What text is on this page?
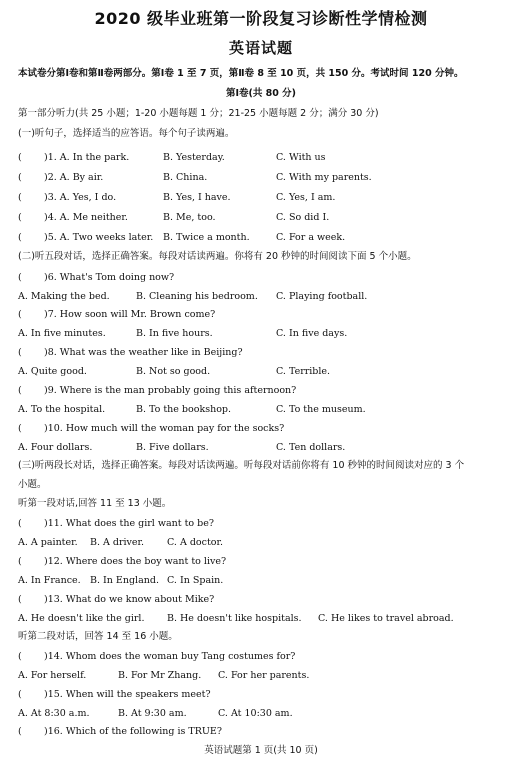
2020 级毕业班第一阶段复习诊断性学情检测
英语试题
本试卷分第Ⅰ卷和第Ⅱ卷两部分。第Ⅰ卷 1 至 7 页，第Ⅱ卷 8 至 10 页，共 150 分。考试时间 120 分钟。
第Ⅰ卷(共 80 分)
第一部分听力(共 25 小题；1-20 小题每题 1 分；21-25 小题每题 2 分；满分 30 分)
(一)听句子，选择适当的应答语。每个句子读两遍。
( )1. A. In the park.	B. Yesterday.	C. With us
( )2. A. By air.	B. China.	C. With my parents.
( )3. A. Yes, I do.	B. Yes, I have.	C. Yes, I am.
( )4. A. Me neither.	B. Me, too.	C. So did I.
( )5. A. Two weeks later. B. Twice a month.	C. For a week.
(二)听五段对话，选择正确答案。每段对话读两遍。你将有 20 秒钟的时间阅读下面 5 个小题。
( )6. What's Tom doing now?
A. Making the bed.	B. Cleaning his bedroom. C. Playing football.
( )7. How soon will Mr. Brown come?
A. In five minutes.	B. In five hours.	C. In five days.
( )8. What was the weather like in Beijing?
A. Quite good.	B. Not so good.	C. Terrible.
( )9. Where is the man probably going this afternoon?
A. To the hospital.	B. To the bookshop.	C. To the museum.
( )10. How much will the woman pay for the socks?
A. Four dollars.	B. Five dollars.	C. Ten dollars.
(三)听两段长对话，选择正确答案。每段对话读两遍。听每段对话前你将有 10 秒钟的时间阅读对应的 3 个
小题。
听第一段对话,回答 11 至 13 小题。
( )11. What does the girl want to be?
A. A painter. B. A driver. C. A doctor.
( )12. Where does the boy want to live?
A. In France. B. In England. C. In Spain.
( )13. What do we know about Mike?
A. He doesn't like the girl. B. He doesn't like hospitals. C. He likes to travel abroad.
听第二段对话，回答 14 至 16 小题。
( )14. Whom does the woman buy Tang costumes for?
A. For herself.	B. For Mr Zhang. C. For her parents.
( )15. When will the speakers meet?
A. At 8:30 a.m.	B. At 9:30 am.	C. At 10:30 am.
( )16. Which of the following is TRUE?
英语试题第 1 页(共 10 页)
